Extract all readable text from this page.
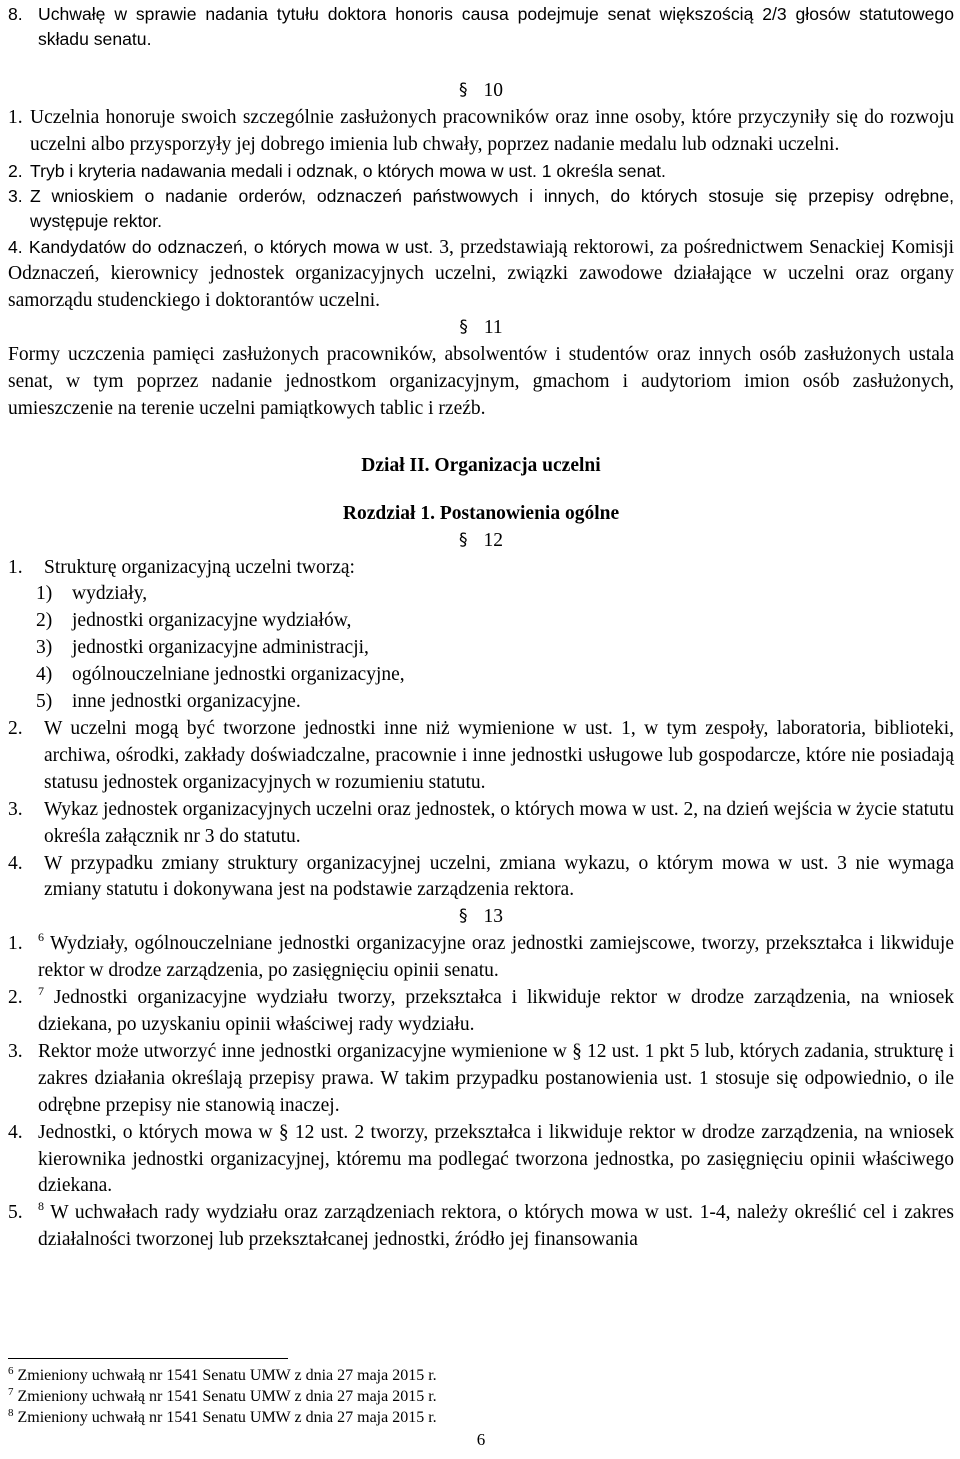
8. Uchwałę w sprawie nadania tytułu doktora honoris causa podejmuje senat większością 2/3 głosów statutowego składu senatu.
§ 10
1. Uczelnia honoruje swoich szczególnie zasłużonych pracowników oraz inne osoby, które przyczyniły się do rozwoju uczelni albo przysporzyły jej dobrego imienia lub chwały, poprzez nadanie medalu lub odznaki uczelni.
2. Tryb i kryteria nadawania medali i odznak, o których mowa w ust. 1 określa senat.
3. Z wnioskiem o nadanie orderów, odznaczeń państwowych i innych, do których stosuje się przepisy odrębne, występuje rektor.

4. Kandydatów do odznaczeń, o których mowa w ust. 3, przedstawiają rektorowi, za pośrednictwem Senackiej Komisji Odznaczeń, kierownicy jednostek organizacyjnych uczelni, związki zawodowe działające w uczelni oraz organy samorządu studenckiego i doktorantów uczelni.

§ 11

Formy uczczenia pamięci zasłużonych pracowników, absolwentów i studentów oraz innych osób zasłużonych ustala senat, w tym poprzez nadanie jednostkom organizacyjnym, gmachom i audytoriom imion osób zasłużonych, umieszczenie na terenie uczelni pamiątkowych tablic i rzeźb.

Dział II. Organizacja uczelni

Rozdział 1. Postanowienia ogólne

§ 12
1.	Strukturę organizacyjną uczelni tworzą:
1)	wydziały,
2)	jednostki organizacyjne wydziałów,
3)	jednostki organizacyjne administracji,
4)	ogólnouczelniane jednostki organizacyjne,
5)	inne jednostki organizacyjne.
2.	W uczelni mogą być tworzone jednostki inne niż wymienione w ust. 1, w tym zespoły, laboratoria, biblioteki, archiwa, ośrodki, zakłady doświadczalne, pracownie i inne jednostki usługowe lub gospodarcze, które nie posiadają statusu jednostek organizacyjnych w rozumieniu statutu.
3.	Wykaz jednostek organizacyjnych uczelni oraz jednostek, o których mowa w ust. 2, na dzień wejścia w życie statutu określa załącznik nr 3 do statutu.
4.	W przypadku zmiany struktury organizacyjnej uczelni, zmiana wykazu, o którym mowa w ust. 3 nie wymaga zmiany statutu i dokonywana jest na podstawie zarządzenia rektora.
§ 13
1.	$^6$ Wydziały, ogólnouczelniane jednostki organizacyjne oraz jednostki zamiejscowe, tworzy, przekształca i likwiduje rektor w drodze zarządzenia, po zasięgnięciu opinii senatu.
2.	$^7$ Jednostki organizacyjne wydziału tworzy, przekształca i likwiduje rektor w drodze zarządzenia, na wniosek dziekana, po uzyskaniu opinii właściwej rady wydziału.
3. Rektor może utworzyć inne jednostki organizacyjne wymienione w § 12 ust. 1 pkt 5 lub, których zadania, strukturę i zakres działania określają przepisy prawa. W takim przypadku postanowienia ust. 1 stosuje się odpowiednio, o ile odrębne przepisy nie stanowią inaczej.
4. Jednostki, o których mowa w § 12 ust. 2 tworzy, przekształca i likwiduje rektor w drodze zarządzenia, na wniosek kierownika jednostki organizacyjnej, któremu ma podlegać tworzona jednostka, po zasięgnięciu opinii właściwego dziekana.
5.	$^8$ W uchwałach rady wydziału oraz zarządzeniach rektora, o których mowa w ust. 1-4, należy określić cel i zakres działalności tworzonej lub przekształcanej jednostki, źródło jej finansowania
$^6$ Zmieniony uchwałą nr 1541 Senatu UMW z dnia 27 maja 2015 r.
$^7$ Zmieniony uchwałą nr 1541 Senatu UMW z dnia 27 maja 2015 r.
$^8$ Zmieniony uchwałą nr 1541 Senatu UMW z dnia 27 maja 2015 r.
6
